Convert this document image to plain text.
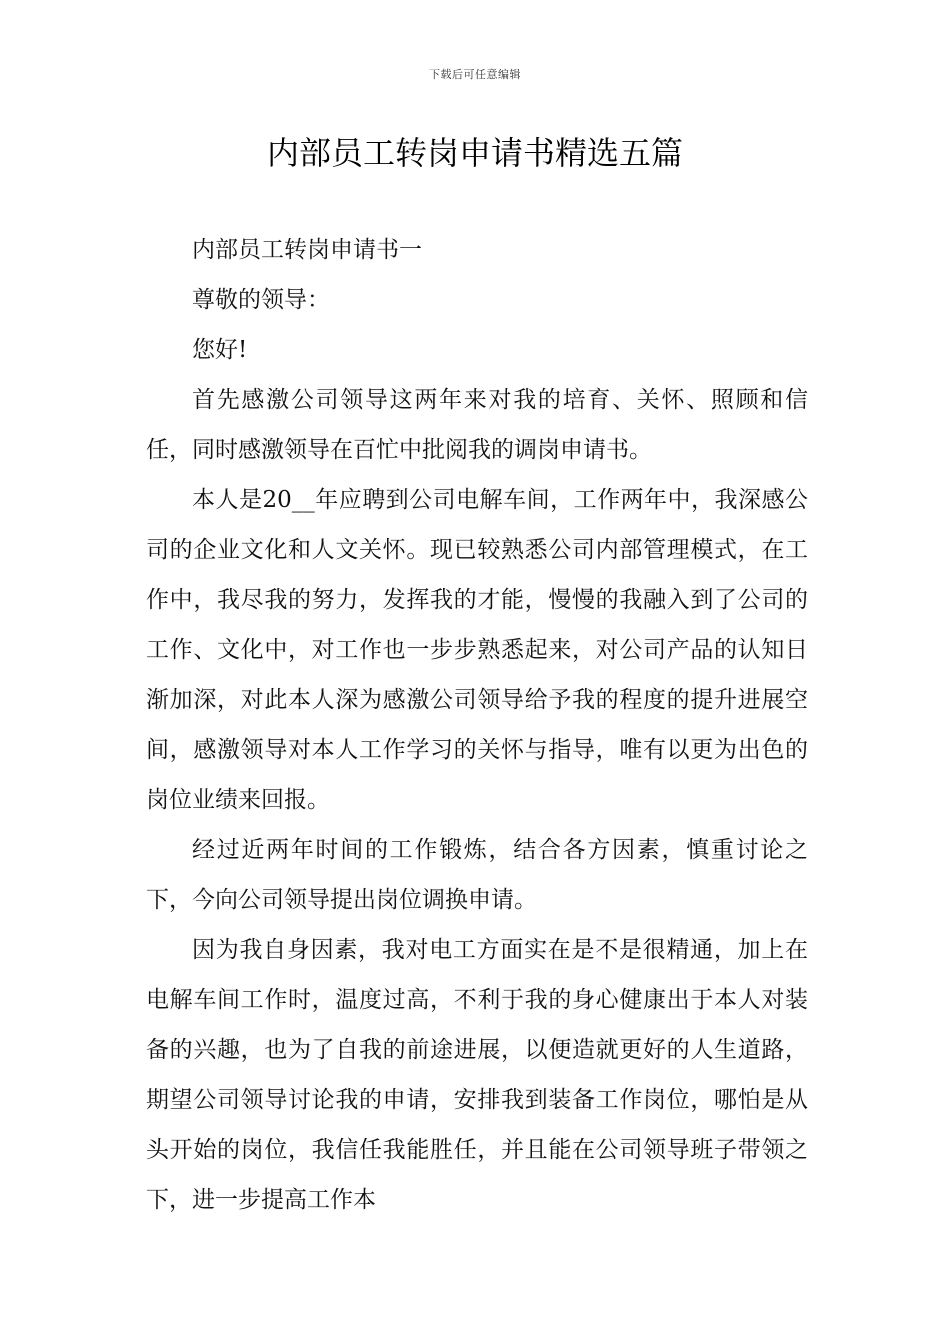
下载后可任意编辑
内部员工转岗申请书精选五篇

内部员工转岗申请书一

尊敬的领导：

您好!

首先感激公司领导这两年来对我的培育、关怀、照顾和信任，同时感激领导在百忙中批阅我的调岗申请书。

本人是20__年应聘到公司电解车间，工作两年中，我深感公司的企业文化和人文关怀。现已较熟悉公司内部管理模式，在工作中，我尽我的努力，发挥我的才能，慢慢的我融入到了公司的工作、文化中，对工作也一步步熟悉起来，对公司产品的认知日渐加深，对此本人深为感激公司领导给予我的程度的提升进展空间，感激领导对本人工作学习的关怀与指导，唯有以更为出色的岗位业绩来回报。

经过近两年时间的工作锻炼，结合各方因素，慎重讨论之下，今向公司领导提出岗位调换申请。

因为我自身因素，我对电工方面实在是不是很精通，加上在电解车间工作时，温度过高，不利于我的身心健康出于本人对装备的兴趣，也为了自我的前途进展，以便造就更好的人生道路，期望公司领导讨论我的申请，安排我到装备工作岗位，哪怕是从头开始的岗位，我信任我能胜任，并且能在公司领导班子带领之下，进一步提高工作本
